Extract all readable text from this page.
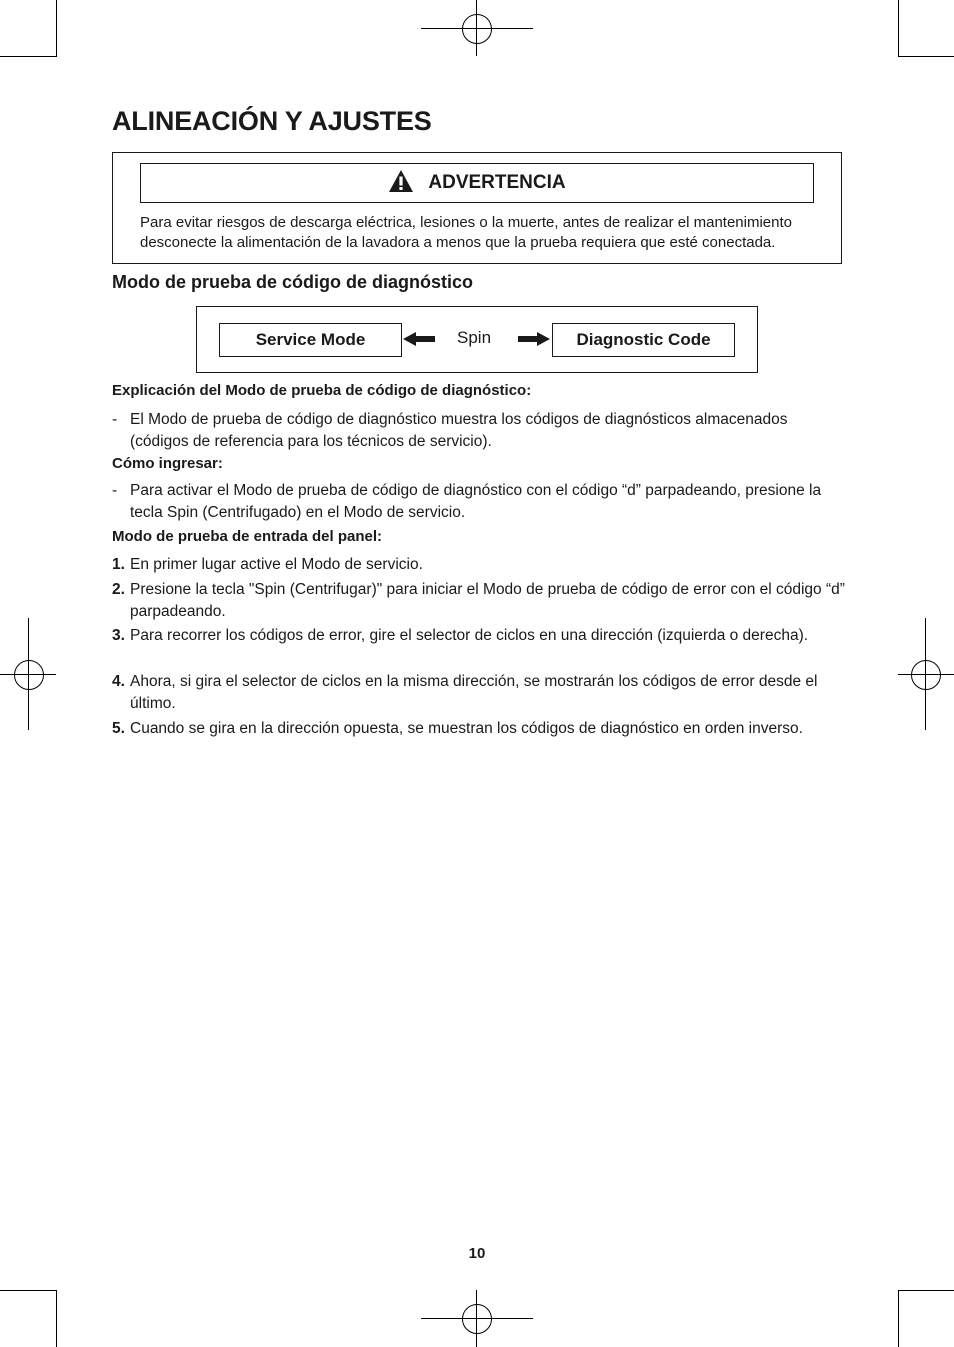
ALINEACIÓN Y AJUSTES
ADVERTENCIA
Para evitar riesgos de descarga eléctrica, lesiones o la muerte, antes de realizar el mantenimiento desconecte la alimentación de la lavadora a menos que la prueba requiera que esté conectada.
Modo de prueba de código de diagnóstico
Service Mode	Spin	Diagnostic Code
Explicación del Modo de prueba de código de diagnóstico:
- El Modo de prueba de código de diagnóstico muestra los códigos de diagnósticos almacenados (códigos de referencia para los técnicos de servicio).
Cómo ingresar:
- Para activar el Modo de prueba de código de diagnóstico con el código “d” parpadeando, presione la tecla Spin (Centrifugado) en el Modo de servicio.
Modo de prueba de entrada del panel:
1. En primer lugar active el Modo de servicio.
2. Presione la tecla "Spin (Centrifugar)" para iniciar el Modo de prueba de código de error con el código “d” parpadeando.
3. Para recorrer los códigos de error, gire el selector de ciclos en una dirección (izquierda o derecha).
4. Ahora, si gira el selector de ciclos en la misma dirección, se mostrarán los códigos de error desde el último.
5. Cuando se gira en la dirección opuesta, se muestran los códigos de diagnóstico en orden inverso.
10
